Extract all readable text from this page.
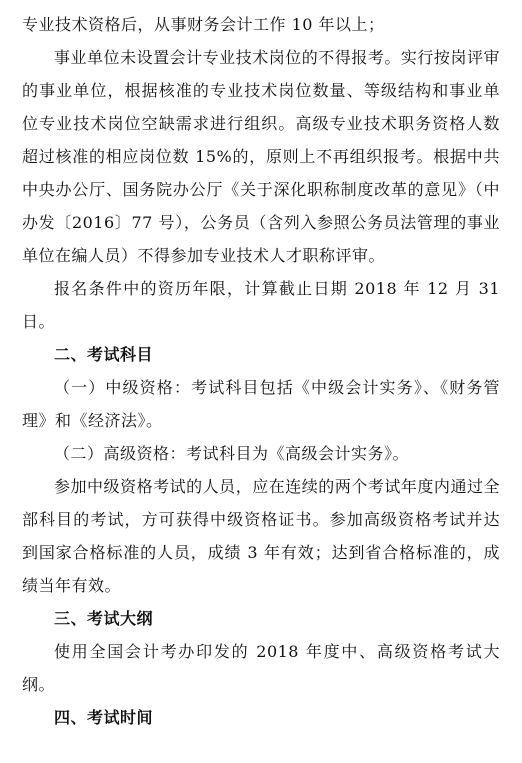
专业技术资格后，从事财务会计工作 10 年以上；

事业单位未设置会计专业技术岗位的不得报考。实行按岗评审的事业单位，根据核准的专业技术岗位数量、等级结构和事业单位专业技术岗位空缺需求进行组织。高级专业技术职务资格人数超过核准的相应岗位数 15%的，原则上不再组织报考。根据中共中央办公厅、国务院办公厅《关于深化职称制度改革的意见》（中办发〔2016〕77 号），公务员（含列入参照公务员法管理的事业单位在编人员）不得参加专业技术人才职称评审。

报名条件中的资历年限，计算截止日期 2018 年 12 月 31 日。

二、考试科目

（一）中级资格：考试科目包括《中级会计实务》、《财务管理》和《经济法》。

（二）高级资格：考试科目为《高级会计实务》。

参加中级资格考试的人员，应在连续的两个考试年度内通过全部科目的考试，方可获得中级资格证书。参加高级资格考试并达到国家合格标准的人员，成绩 3 年有效；达到省合格标准的，成绩当年有效。

三、考试大纲

使用全国会计考办印发的 2018 年度中、高级资格考试大纲。

四、考试时间
